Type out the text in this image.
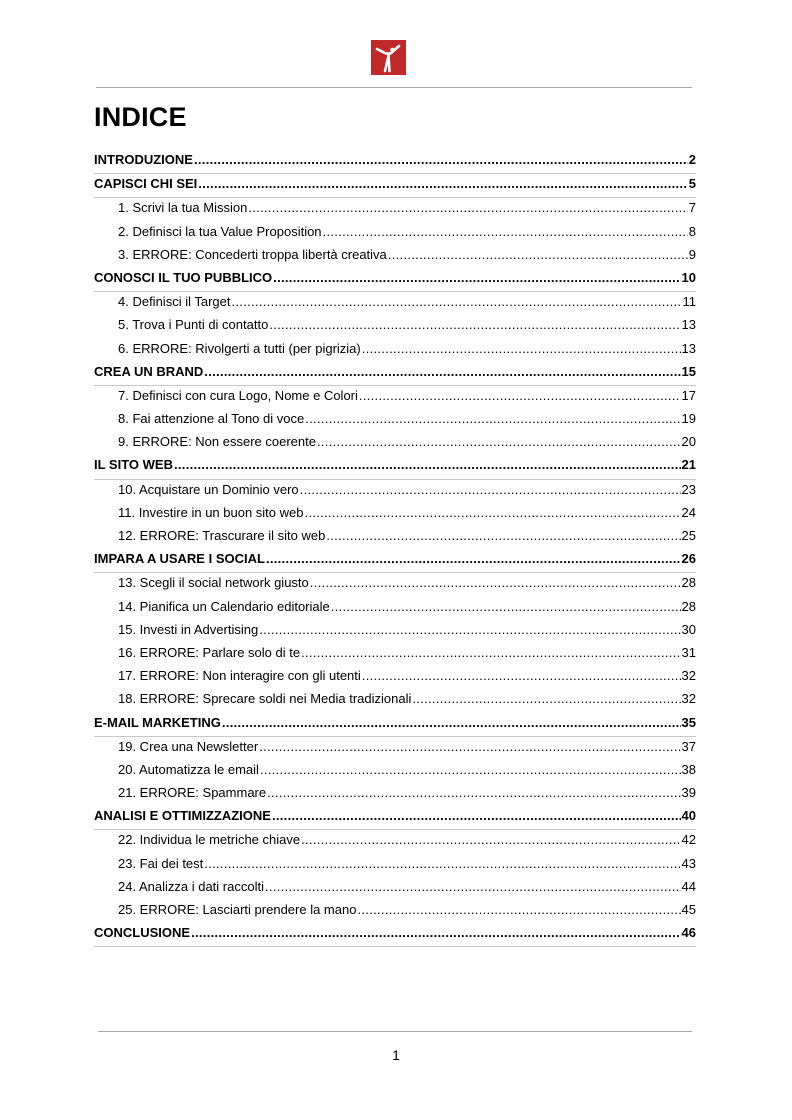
INDICE
INTRODUZIONE .....	2
CAPISCI CHI SEI .....	5
1. Scrivi la tua Mission .....	7
2. Definisci la tua Value Proposition .....	8
3. ERRORE: Concederti troppa libertà creativa .....	9
CONOSCI IL TUO PUBBLICO .....	10
4. Definisci il Target .....	11
5. Trova i Punti di contatto .....	13
6. ERRORE: Rivolgerti a tutti (per pigrizia) .....	13
CREA UN BRAND .....	15
7. Definisci con cura Logo, Nome e Colori .....	17
8. Fai attenzione al Tono di voce .....	19
9. ERRORE: Non essere coerente .....	20
IL SITO WEB .....	21
10. Acquistare un Dominio vero .....	23
11. Investire in un buon sito web .....	24
12. ERRORE: Trascurare il sito web .....	25
IMPARA A USARE I SOCIAL .....	26
13. Scegli il social network giusto .....	28
14. Pianifica un Calendario editoriale .....	28
15. Investi in Advertising .....	30
16. ERRORE: Parlare solo di te .....	31
17. ERRORE: Non interagire con gli utenti .....	32
18. ERRORE: Sprecare soldi nei Media tradizionali .....	32
E-MAIL MARKETING .....	35
19. Crea una Newsletter .....	37
20. Automatizza le email .....	38
21. ERRORE: Spammare .....	39
ANALISI E OTTIMIZZAZIONE .....	40
22. Individua le metriche chiave .....	42
23. Fai dei test .....	43
24. Analizza i dati raccolti .....	44
25. ERRORE: Lasciarti prendere la mano .....	45
CONCLUSIONE .....	46
1
